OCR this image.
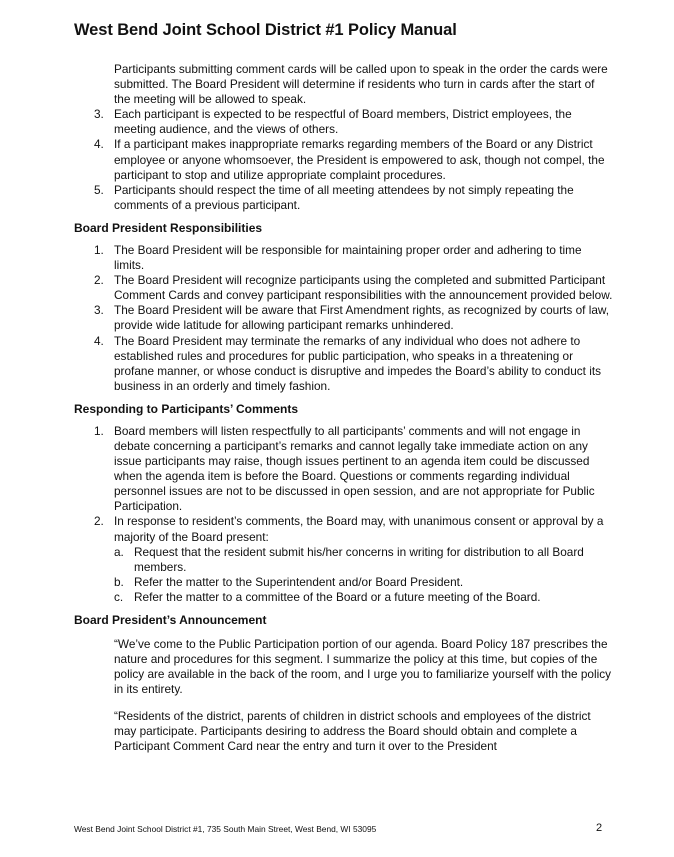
West Bend Joint School District #1 Policy Manual
Participants submitting comment cards will be called upon to speak in the order the cards were submitted. The Board President will determine if residents who turn in cards after the start of the meeting will be allowed to speak.
3. Each participant is expected to be respectful of Board members, District employees, the meeting audience, and the views of others.
4. If a participant makes inappropriate remarks regarding members of the Board or any District employee or anyone whomsoever, the President is empowered to ask, though not compel, the participant to stop and utilize appropriate complaint procedures.
5. Participants should respect the time of all meeting attendees by not simply repeating the comments of a previous participant.
Board President Responsibilities
1. The Board President will be responsible for maintaining proper order and adhering to time limits.
2. The Board President will recognize participants using the completed and submitted Participant Comment Cards and convey participant responsibilities with the announcement provided below.
3. The Board President will be aware that First Amendment rights, as recognized by courts of law, provide wide latitude for allowing participant remarks unhindered.
4. The Board President may terminate the remarks of any individual who does not adhere to established rules and procedures for public participation, who speaks in a threatening or profane manner, or whose conduct is disruptive and impedes the Board’s ability to conduct its business in an orderly and timely fashion.
Responding to Participants’ Comments
1. Board members will listen respectfully to all participants’ comments and will not engage in debate concerning a participant’s remarks and cannot legally take immediate action on any issue participants may raise, though issues pertinent to an agenda item could be discussed when the agenda item is before the Board. Questions or comments regarding individual personnel issues are not to be discussed in open session, and are not appropriate for Public Participation.
2. In response to resident’s comments, the Board may, with unanimous consent or approval by a majority of the Board present:
a. Request that the resident submit his/her concerns in writing for distribution to all Board members.
b. Refer the matter to the Superintendent and/or Board President.
c. Refer the matter to a committee of the Board or a future meeting of the Board.
Board President’s Announcement

“We’ve come to the Public Participation portion of our agenda. Board Policy 187 prescribes the nature and procedures for this segment. I summarize the policy at this time, but copies of the policy are available in the back of the room, and I urge you to familiarize yourself with the policy in its entirety.

“Residents of the district, parents of children in district schools and employees of the district may participate. Participants desiring to address the Board should obtain and complete a Participant Comment Card near the entry and turn it over to the President

West Bend Joint School District #1, 735 South Main Street, West Bend, WI 53095	2
